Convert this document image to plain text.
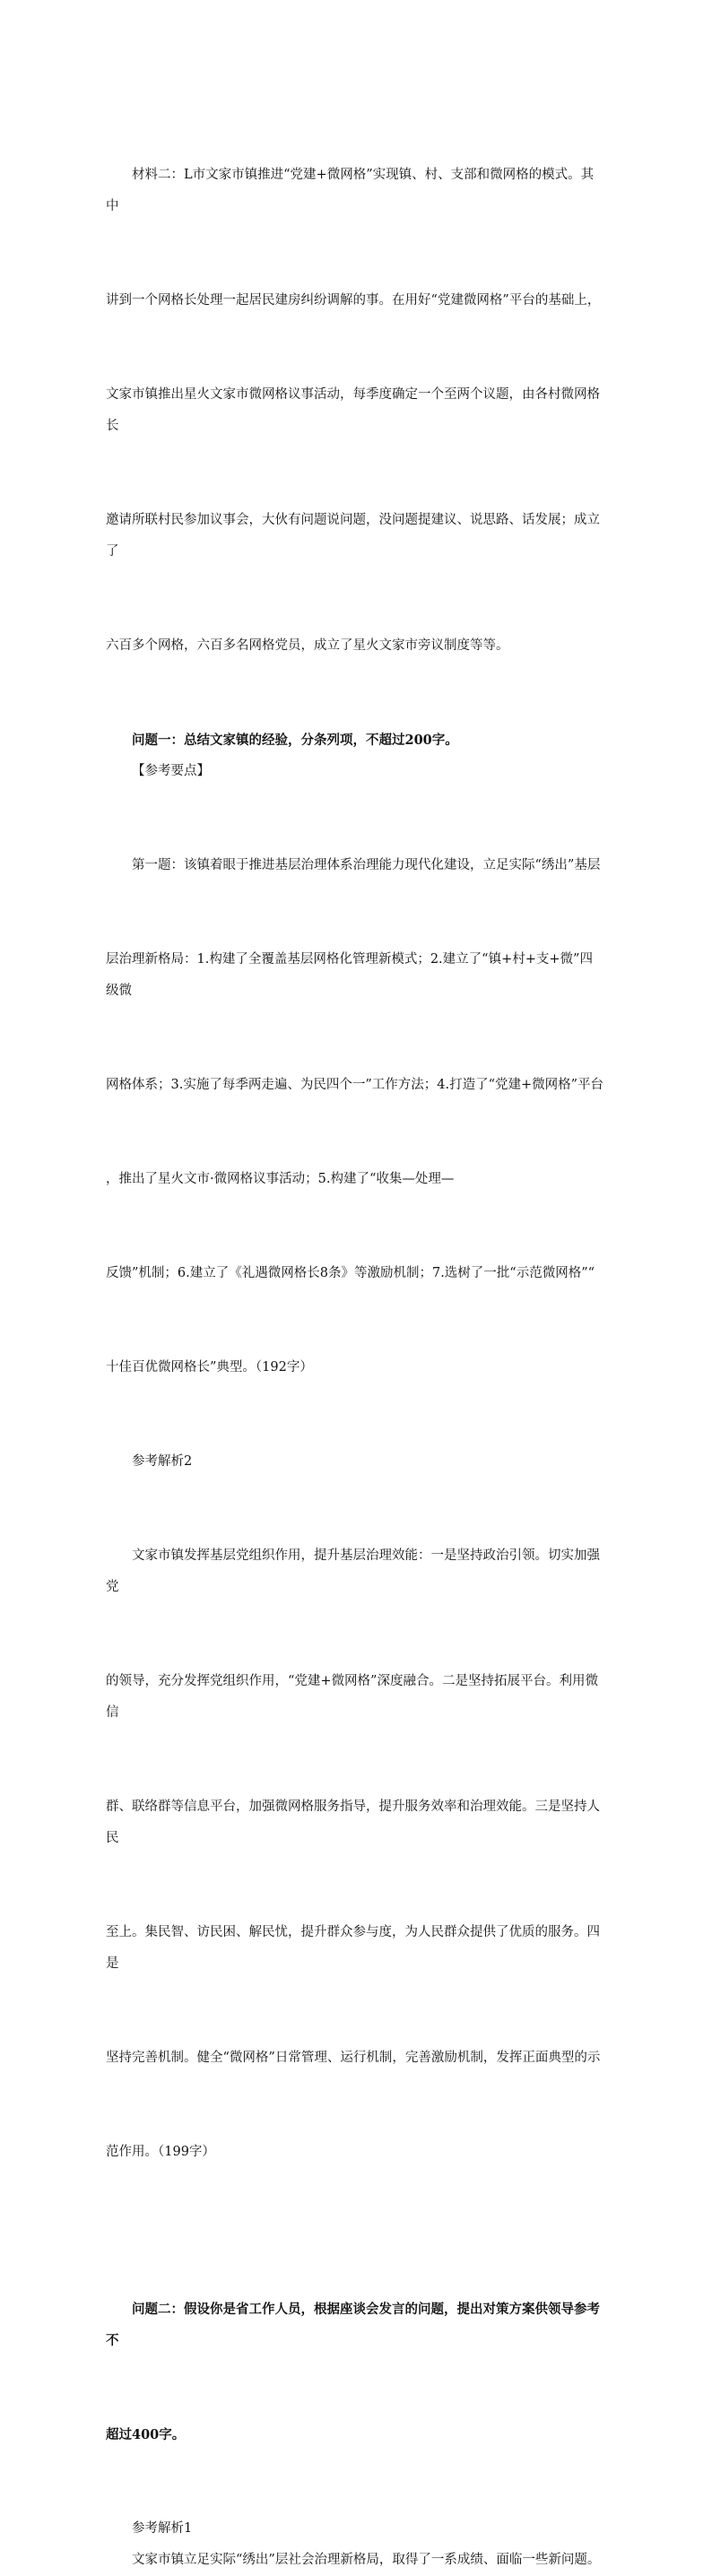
材料二：L市文家市镇推进“党建+微网格”实现镇、村、支部和微网格的模式。其中

讲到一个网格长处理一起居民建房纠纷调解的事。在用好“党建微网格”平台的基础上，

文家市镇推出星火文家市微网格议事活动，每季度确定一个至两个议题，由各村微网格长

邀请所联村民参加议事会，大伙有问题说问题，没问题提建议、说思路、话发展；成立了

六百多个网格，六百多名网格党员，成立了星火文家市旁议制度等等。

问题一：总结文家镇的经验，分条列项，不超过200字。

【参考要点】

第一题：该镇着眼于推进基层治理体系治理能力现代化建设，立足实际“绣出”基层

层治理新格局：1.构建了全覆盖基层网格化管理新模式；2.建立了“镇+村+支+微”四级微

网格体系；3.实施了每季两走遍、为民四个一”工作方法；4.打造了“党建+微网格”平台

，推出了星火文市·微网格议事活动；5.构建了“收集—处理—

反馈”机制；6.建立了《礼遇微网格长8条》等激励机制；7.选树了一批“示范微网格”“

十佳百优微网格长”典型。（192字）

参考解析2

文家市镇发挥基层党组织作用，提升基层治理效能：一是坚持政治引领。切实加强党

的领导，充分发挥党组织作用，“党建+微网格”深度融合。二是坚持拓展平台。利用微信

群、联络群等信息平台，加强微网格服务指导，提升服务效率和治理效能。三是坚持人民

至上。集民智、访民困、解民忧，提升群众参与度，为人民群众提供了优质的服务。四是

坚持完善机制。健全“微网格”日常管理、运行机制，完善激励机制，发挥正面典型的示

范作用。（199字）

问题二：假设你是省工作人员，根据座谈会发言的问题，提出对策方案供领导参考不

超过400字。

参考解析1

文家市镇立足实际“绣出”层社会治理新格局，取得了一系成绩、面临一些新问题。
